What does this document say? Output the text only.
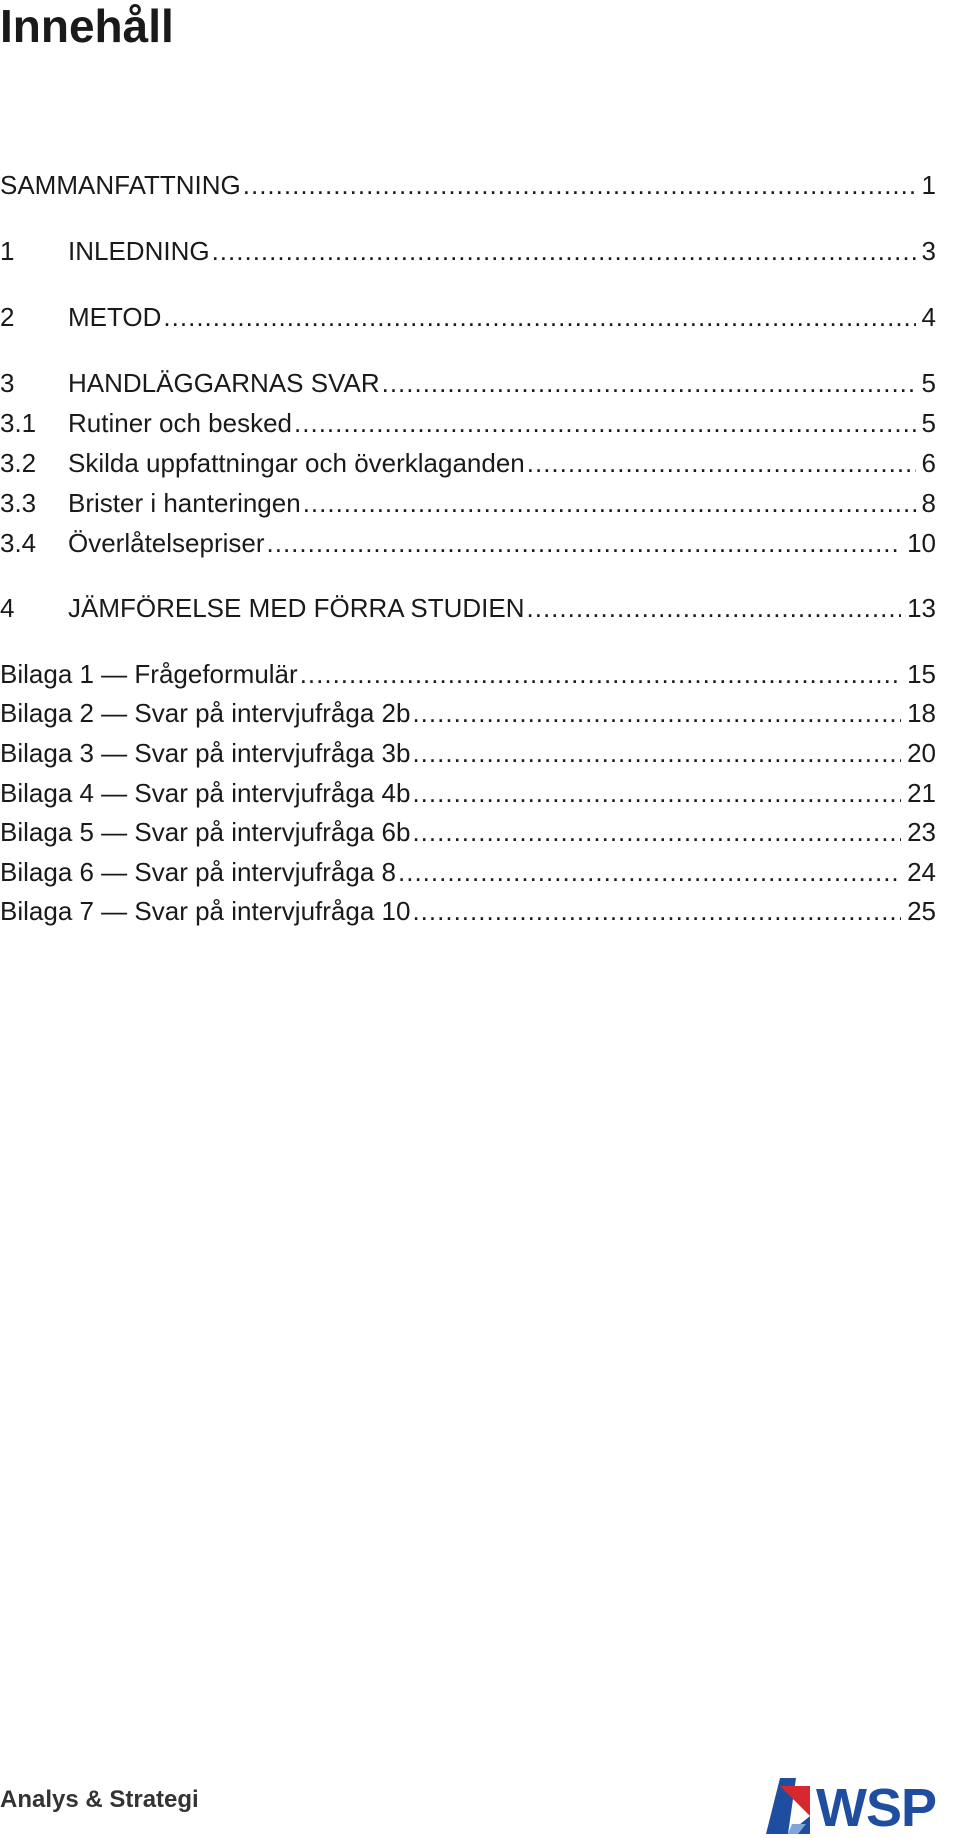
Innehåll
SAMMANFATTNING .....	1
1	INLEDNING .....	3
2	METOD .....	4
3	HANDLÄGGARNAS SVAR .....	5
3.1	Rutiner och besked .....	5
3.2	Skilda uppfattningar och överklaganden .....	6
3.3	Brister i hanteringen .....	8
3.4	Överlåtelsepriser .....	10
4	JÄMFÖRELSE MED FÖRRA STUDIEN .....	13
Bilaga 1 — Frågeformulär .....	15
Bilaga 2 — Svar på intervjufråga 2b .....	18
Bilaga 3 — Svar på intervjufråga 3b .....	20
Bilaga 4 — Svar på intervjufråga 4b .....	21
Bilaga 5 — Svar på intervjufråga 6b .....	23
Bilaga 6 — Svar på intervjufråga 8 .....	24
Bilaga 7 — Svar på intervjufråga 10 .....	25
Analys & Strategi	WSP
